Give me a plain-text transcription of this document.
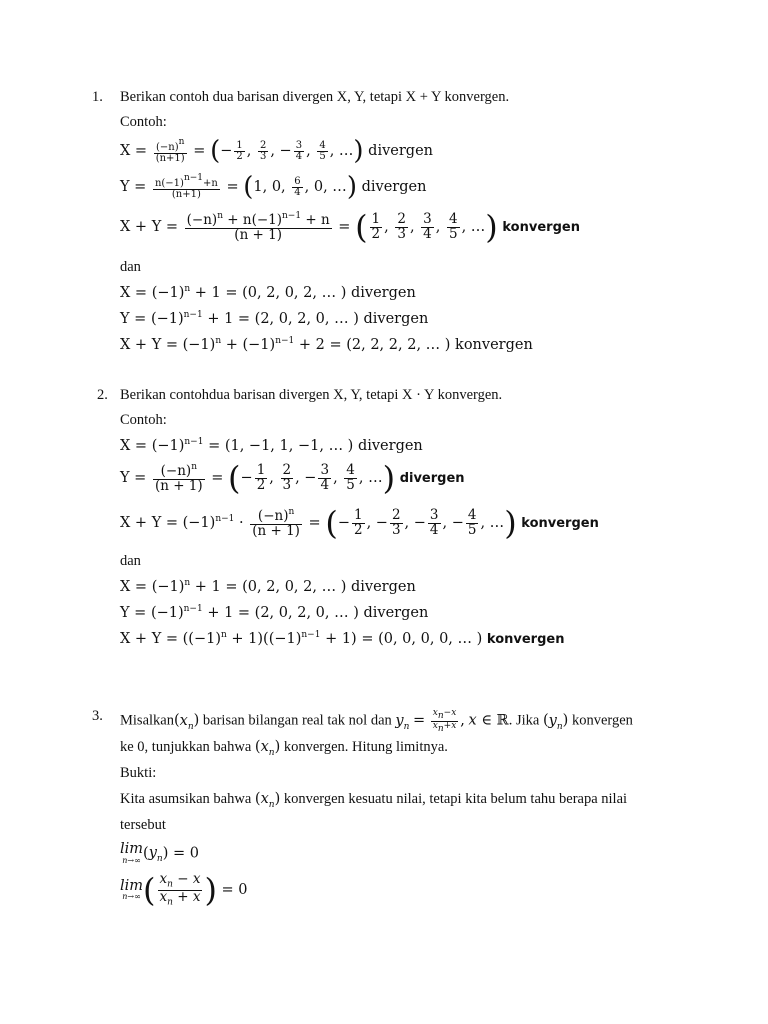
1. Berikan contoh dua barisan divergen X, Y, tetapi X + Y konvergen.
Contoh:
$X = \frac{(-n)^n}{(n+1)}$ = (− $\frac{1}{2}$ , $\frac{2}{3}$ , − $\frac{3}{4}$ , $\frac{4}{5}$ , …) divergen
$Y = \frac{n(-1)^{n-1}+n}{(n+1)} = (1$, 0, $\frac{6}{4}$ , 0, …) divergen
$X + Y = \frac{(-n)^n + n(-1)^{n-1} + n}{(n + 1)}$ = ( $\frac{1}{2}$ , $\frac{2}{3}$ , $\frac{3}{4}$ , $\frac{4}{5}$ , …) konvergen
dan
$X = (-1)^n + 1 = (0$, 2, 0, 2, … ) divergen
$Y = (-1)^{n-1} + 1 = (2$, 0, 2, 0, … ) divergen
$X + Y = (-1)^n + (-1)^{n-1} + 2 = (2$, 2, 2, 2, … ) konvergen
2. Berikan contohdua barisan divergen X, Y, tetapi X · Y konvergen.
Contoh:
$X = (-1)^{n-1} = (1$, −1, 1, −1, … ) divergen
$Y = \frac{(-n)^n}{(n + 1)}$ = (− $\frac{1}{2}$ , $\frac{2}{3}$ , − $\frac{3}{4}$ , $\frac{4}{5}$ , …) divergen
$X + Y = (-1)^{n-1} \cdot \frac{(-n)^n}{(n + 1)}$ = (− $\frac{1}{2}$ , − $\frac{2}{3}$ , − $\frac{3}{4}$ , − $\frac{4}{5}$ , …) konvergen
dan
$X = (-1)^n + 1 = (0$, 2, 0, 2, … ) divergen
$Y = (-1)^{n-1} + 1 = (2$, 0, 2, 0, … ) divergen
$X + Y = ((-1)^n + 1)((-1)^{n-1} + 1) = (0$, 0, 0, 0, … ) konvergen
3. $Misalkan(x_n)$ barisan bilangan real tak nol dan $y_n = \frac{x_n-x}{x_n+x}$ , x ∈ ℝ. Jika $(y_n)$ konvergen
ke 0, tunjukkan bahwa $(x_n)$ konvergen. Hitung limitnya.
Bukti:
Kita asumsikan bahwa $(x_n)$ konvergen kesuatu nilai, tetapi kita belum tahu berapa nilai
tersebut
lim
n→∞ $(y_n) = 0$
lim
n→∞ ( $\frac{x_n - x}{x_n + x}$ ) = 0
